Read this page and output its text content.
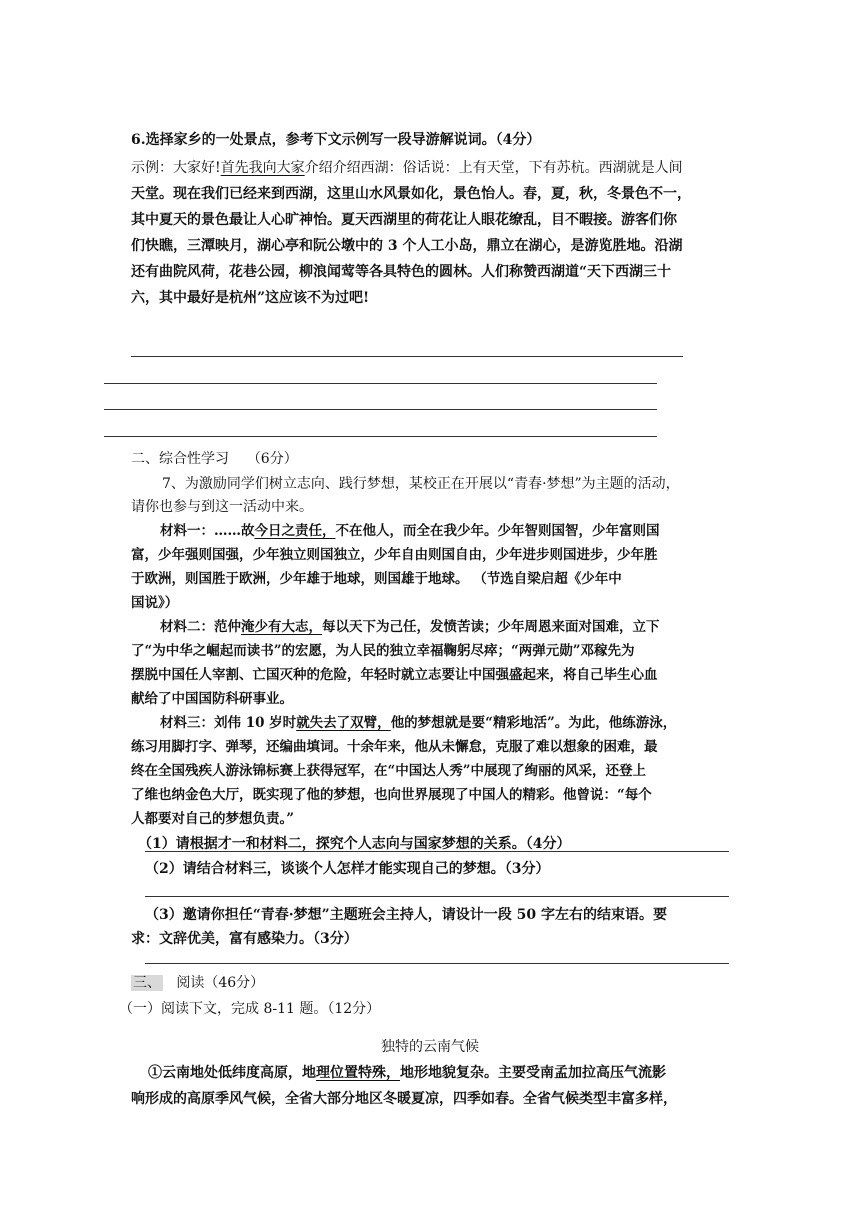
6.选择家乡的一处景点，参考下文示例写一段导游解说词。（4分）
示例：大家好!首先我向大家介绍介绍西湖：俗话说：上有天堂，下有苏杭。西湖就是人间
天堂。现在我们已经来到西湖，这里山水风景如化，景色怡人。春，夏，秋，冬景色不一，
其中夏天的景色最让人心旷神怡。夏天西湖里的荷花让人眼花缭乱，目不暇接。游客们你
们快瞧，三潭映月，湖心亭和阮公墩中的 3 个人工小岛，鼎立在湖心，是游览胜地。沿湖
还有曲院风荷，花巷公园，柳浪闻莺等各具特色的圆林。人们称赞西湖道“天下西湖三十
六，其中最好是杭州”这应该不为过吧!
二、综合性学习 （6分）
7、为激励同学们树立志向、践行梦想，某校正在开展以“青春·梦想”为主题的活动，
请你也参与到这一活动中来。
材料一：……故今日之责任，不在他人，而全在我少年。少年智则国智，少年富则国
富，少年强则国强，少年独立则国独立，少年自由则国自由，少年进步则国进步，少年胜
于欧洲，则国胜于欧洲，少年雄于地球，则国雄于地球。 （节选自梁启超《少年中
国说》）
材料二：范仲淹少有大志，每以天下为己任，发愤苦读；少年周恩来面对国难，立下
了“为中华之崛起而读书”的宏愿，为人民的独立幸福鞠躬尽瘁；“两弹元勋”邓稼先为
摆脱中国任人宰割、亡国灭种的危险，年轻时就立志要让中国强盛起来，将自己毕生心血
献给了中国国防科研事业。
材料三：刘伟 10 岁时就失去了双臂，他的梦想就是要“精彩地活”。为此，他练游泳，
练习用脚打字、弹琴，还编曲填词。十余年来，他从未懈怠，克服了难以想象的困难，最
终在全国残疾人游泳锦标赛上获得冠军，在“中国达人秀”中展现了绚丽的风采，还登上
了维也纳金色大厅，既实现了他的梦想，也向世界展现了中国人的精彩。他曾说：“每个
人都要对自己的梦想负责。”
（1）请根据才一和材料二，探究个人志向与国家梦想的关系。（4分）
（2）请结合材料三，谈谈个人怎样才能实现自己的梦想。（3分）
（3）邀请你担任“青春·梦想”主题班会主持人，请设计一段 50 字左右的结束语。要
求：文辞优美，富有感染力。（3分）
三、 阅读（46分）
（一）阅读下文，完成 8-11 题。（12分）
独特的云南气候
①云南地处低纬度高原，地理位置特殊，地形地貌复杂。主要受南孟加拉高压气流影
响形成的高原季风气候，全省大部分地区冬暖夏凉，四季如春。全省气候类型丰富多样，
